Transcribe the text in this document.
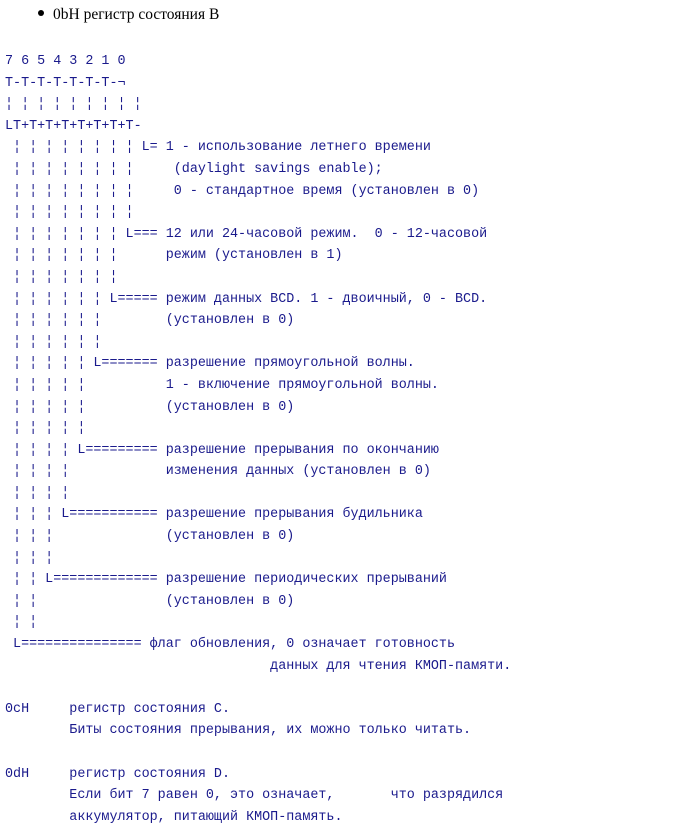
0bH регистр состояния B
7 6 5 4 3 2 1 0
T-T-T-T-T-T-T-¬
¦ ¦ ¦ ¦ ¦ ¦ ¦ ¦ ¦
LT+T+T+T+T+T+T+T-
¦ ¦ ¦ ¦ ¦ ¦ ¦ ¦ L= 1 - использование летнего времени
¦ ¦ ¦ ¦ ¦ ¦ ¦ ¦     (daylight savings enable);
¦ ¦ ¦ ¦ ¦ ¦ ¦ ¦     0 - стандартное время (установлен в 0)
¦ ¦ ¦ ¦ ¦ ¦ ¦ ¦
¦ ¦ ¦ ¦ ¦ ¦ ¦ L=== 12 или 24-часовой режим.  0 - 12-часовой
¦ ¦ ¦ ¦ ¦ ¦ ¦      режим (установлен в 1)
¦ ¦ ¦ ¦ ¦ ¦ ¦
¦ ¦ ¦ ¦ ¦ ¦ L===== режим данных BCD. 1 - двоичный, 0 - BCD.
¦ ¦ ¦ ¦ ¦ ¦        (установлен в 0)
¦ ¦ ¦ ¦ ¦ ¦
¦ ¦ ¦ ¦ ¦ L======= разрешение прямоугольной волны.
¦ ¦ ¦ ¦ ¦          1 - включение прямоугольной волны.
¦ ¦ ¦ ¦ ¦          (установлен в 0)
¦ ¦ ¦ ¦ ¦
¦ ¦ ¦ ¦ L========= разрешение прерывания по окончанию
¦ ¦ ¦ ¦            изменения данных (установлен в 0)
¦ ¦ ¦ ¦
¦ ¦ ¦ L=========== разрешение прерывания будильника
¦ ¦ ¦              (установлен в 0)
¦ ¦ ¦
¦ ¦ L============= разрешение периодических прерываний
¦ ¦                (установлен в 0)
¦ ¦
L=============== флаг обновления, 0 означает готовность
данных для чтения КМОП-памяти.
0cH     регистр состояния C.
Биты состояния прерывания, их можно только читать.
0dH     регистр состояния D.
Если бит 7 равен 0, это означает,       что разрядился
аккумулятор, питающий КМОП-память.
